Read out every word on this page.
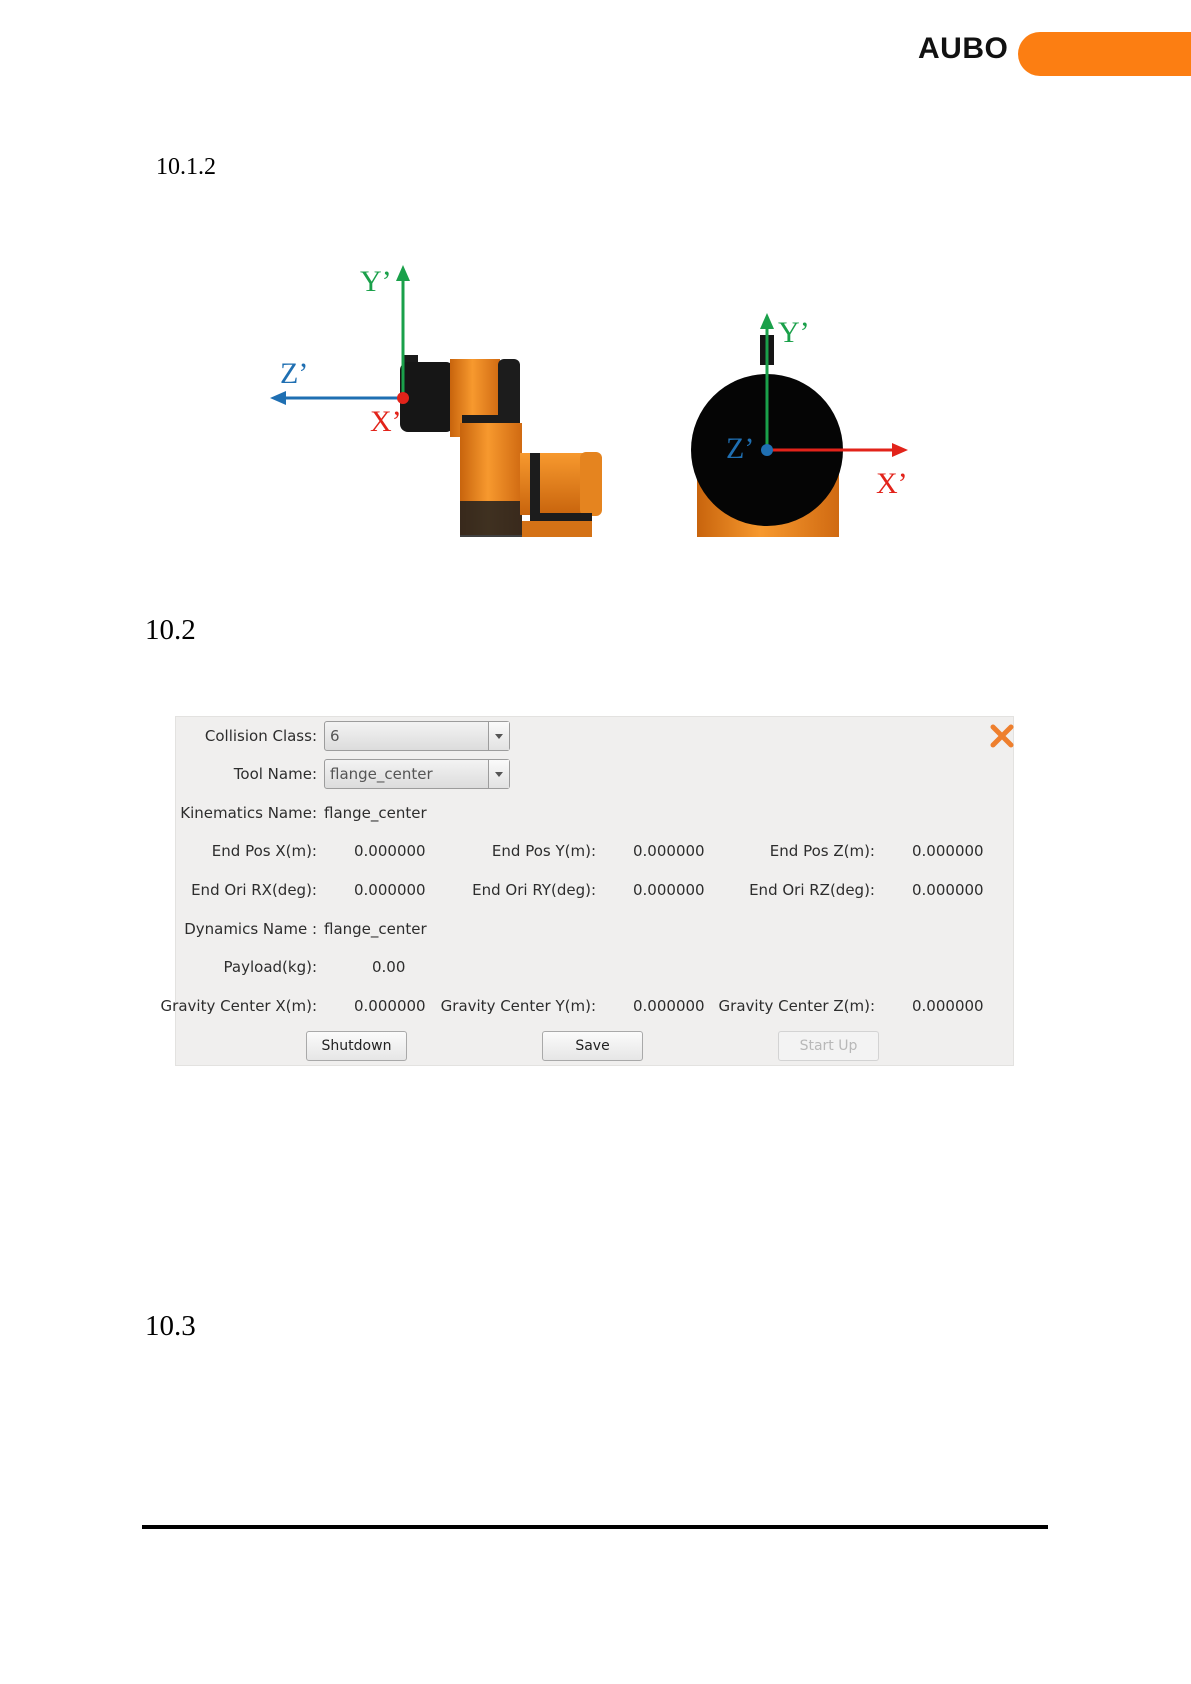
AUBO
10.1.2
Y’
Z’
X’
Y’
Z’
X’
10.2
Collision Class: 6
Tool Name: flange_center
Kinematics Name: flange_center
End Pos X(m): 0.000000	End Pos Y(m): 0.000000	End Pos Z(m): 0.000000
End Ori RX(deg): 0.000000	End Ori RY(deg): 0.000000	End Ori RZ(deg): 0.000000
Dynamics Name : flange_center
Payload(kg):	0.00
Gravity Center X(m): 0.000000 Gravity Center Y(m): 0.000000 Gravity Center Z(m): 0.000000
Shutdown	Save	Start Up
10.3
